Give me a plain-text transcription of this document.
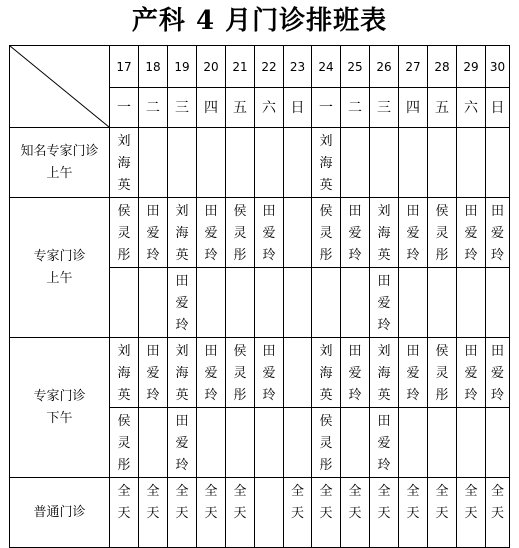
产科 4 月门诊排班表
	17	18	19	20	21	22	23	24	25	26	27	28	29	30
	一	二	三	四	五	六	日	一	二	三	四	五	六	日

知名专家门诊
上午	刘
海
英							刘
海
英						

专家门诊
上午	侯
灵
彤	田
爱
玲	刘
海
英	田
爱
玲	侯
灵
彤	田
爱
玲		侯
灵
彤	田
爱
玲	刘
海
英	田
爱
玲	侯
灵
彤	田
爱
玲	田
爱
玲

			田
爱
玲							田
爱
玲				

专家门诊
下午	刘
海
英	田
爱
玲	刘
海
英	田
爱
玲	侯
灵
彤	田
爱
玲		刘
海
英	田
爱
玲	刘
海
英	田
爱
玲	侯
灵
彤	田
爱
玲	田
爱
玲

	侯
灵
彤		田
爱
玲					侯
灵
彤		田
爱
玲				

普通门诊	全
天	全
天	全
天	全
天	全
天		全
天	全
天	全
天	全
天	全
天	全
天	全
天	全
天
